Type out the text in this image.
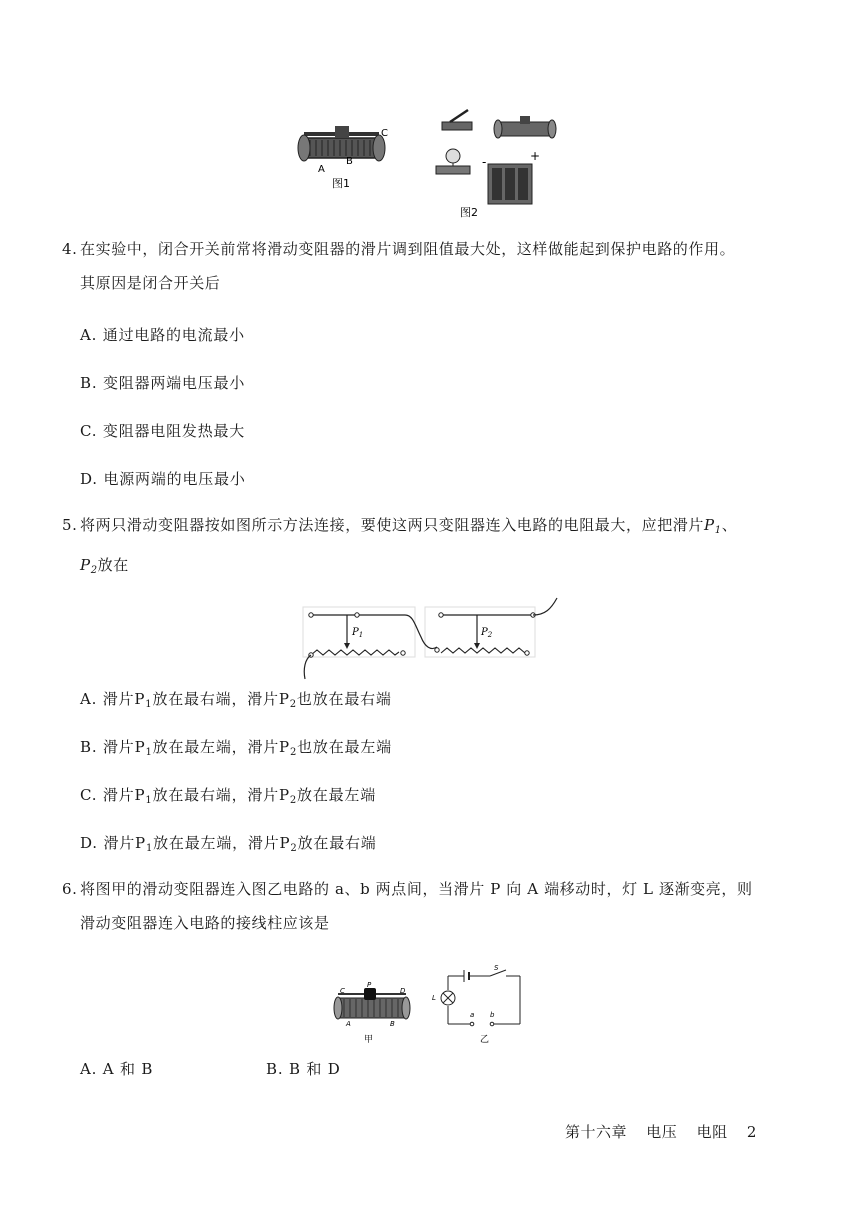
A
B
C
图1
-	+
图2
4. 在实验中，闭合开关前常将滑动变阻器的滑片调到阻值最大处，这样做能起到保护电路的作用。
其原因是闭合开关后
A. 通过电路的电流最小
B. 变阻器两端电压最小
C. 变阻器电阻发热最大
D. 电源两端的电压最小
5. 将两只滑动变阻器按如图所示方法连接，要使这两只变阻器连入电路的电阻最大，应把滑片$P_1$、
$P_2$放在
$P_1$	$P_2$
A. 滑片$P_1$放在最右端，滑片$P_2$也放在最右端
B. 滑片$P_1$放在最左端，滑片$P_2$也放在最左端
C. 滑片$P_1$放在最右端，滑片$P_2$放在最左端
D. 滑片$P_1$放在最左端，滑片$P_2$放在最右端
6. 将图甲的滑动变阻器连入图乙电路的 a、b 两点间，当滑片 P 向 A 端移动时，灯 L 逐渐变亮，则
滑动变阻器连入电路的接线柱应该是
C
P
D
A	B
甲
S
L
a b
乙
A. A 和 B	B. B 和 D
第十六章 电压 电阻 2
